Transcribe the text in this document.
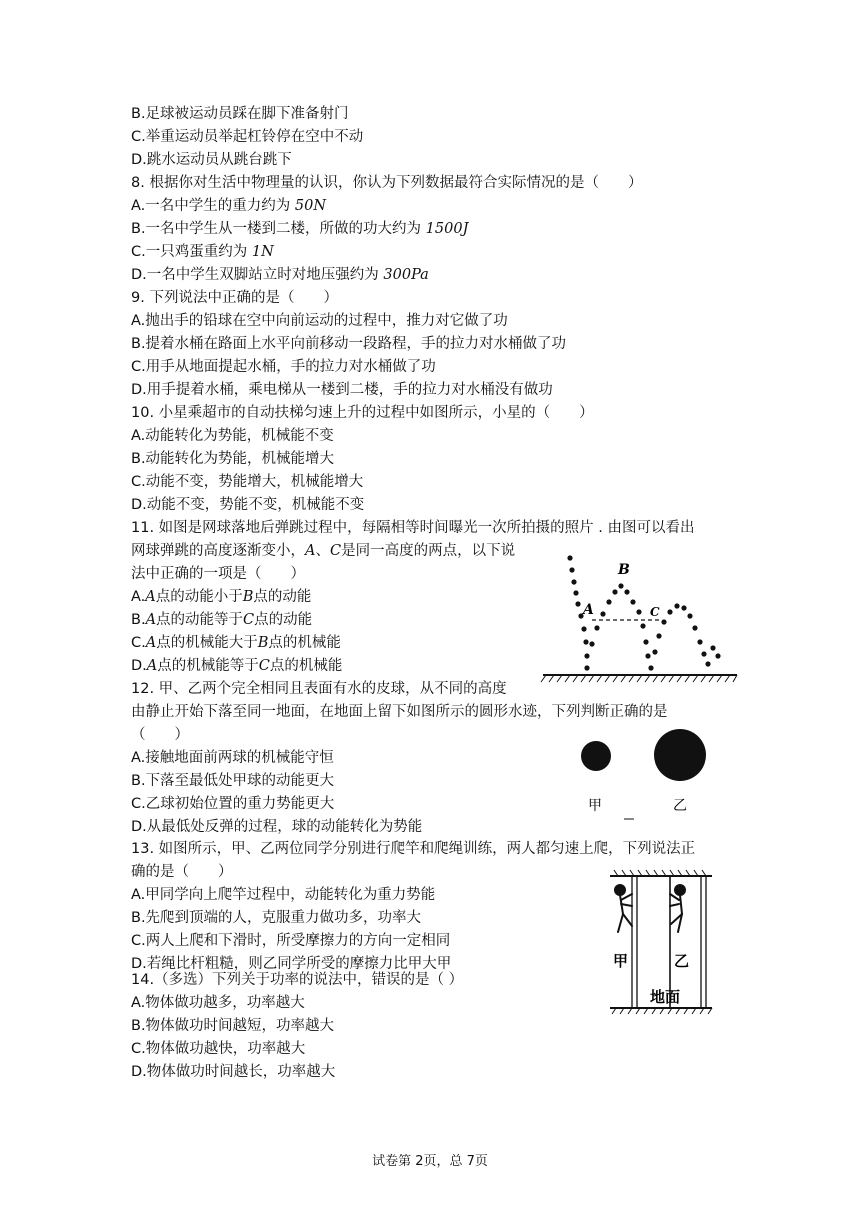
B.足球被运动员踩在脚下准备射门
C.举重运动员举起杠铃停在空中不动
D.跳水运动员从跳台跳下
8. 根据你对生活中物理量的认识，你认为下列数据最符合实际情况的是（　　）
A.一名中学生的重力约为 50N
B.一名中学生从一楼到二楼，所做的功大约为 1500J
C.一只鸡蛋重约为 1N
D.一名中学生双脚站立时对地压强约为 300Pa
9. 下列说法中正确的是（　　）
A.抛出手的铅球在空中向前运动的过程中，推力对它做了功
B.提着水桶在路面上水平向前移动一段路程，手的拉力对水桶做了功
C.用手从地面提起水桶，手的拉力对水桶做了功
D.用手提着水桶，乘电梯从一楼到二楼，手的拉力对水桶没有做功
10. 小星乘超市的自动扶梯匀速上升的过程中如图所示，小星的（　　）
A.动能转化为势能，机械能不变
B.动能转化为势能，机械能增大
C.动能不变，势能增大，机械能增大
D.动能不变，势能不变，机械能不变
11. 如图是网球落地后弹跳过程中，每隔相等时间曝光一次所拍摄的照片 . 由图可以看出
网球弹跳的高度逐渐变小，A、C是同一高度的两点，以下说
法中正确的一项是（　　）
A.A点的动能小于B点的动能
B.A点的动能等于C点的动能
C.A点的机械能大于B点的机械能
D.A点的机械能等于C点的机械能
A
B
C
12. 甲、乙两个完全相同且表面有水的皮球，从不同的高度
由静止开始下落至同一地面，在地面上留下如图所示的圆形水迹，下列判断正确的是
（　　）
A.接触地面前两球的机械能守恒
B.下落至最低处甲球的动能更大
C.乙球初始位置的重力势能更大
D.从最低处反弹的过程，球的动能转化为势能
甲	乙
13. 如图所示，甲、乙两位同学分别进行爬竿和爬绳训练，两人都匀速上爬，下列说法正
确的是（　　）
A.甲同学向上爬竿过程中，动能转化为重力势能
B.先爬到顶端的人，克服重力做功多，功率大
C.两人上爬和下滑时，所受摩擦力的方向一定相同
D.若绳比杆粗糙，则乙同学所受的摩擦力比甲大甲	甲	乙
地面
14.（多选）下列关于功率的说法中，错误的是（ ）
A.物体做功越多，功率越大
B.物体做功时间越短，功率越大
C.物体做功越快，功率越大
D.物体做功时间越长，功率越大
试卷第 2页，总 7页
